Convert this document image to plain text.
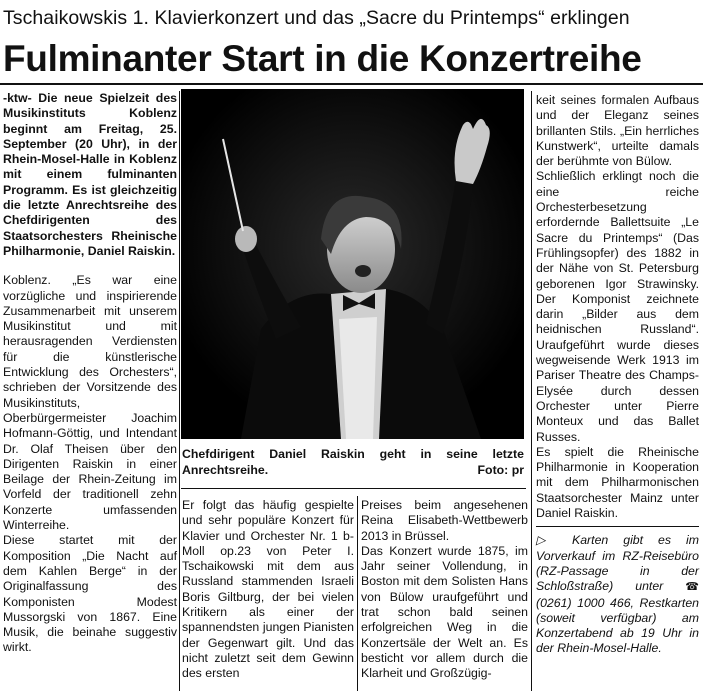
Tschaikowskis 1. Klavierkonzert und das „Sacre du Printemps“ erklingen
Fulminanter Start in die Konzertreihe

-ktw- Die neue Spielzeit des Musikinstituts Koblenz beginnt am Freitag, 25. September (20 Uhr), in der Rhein-Mosel-Halle in Koblenz mit einem fulminanten Programm. Es ist gleichzeitig die letzte Anrechtsreihe des Chefdirigenten des Staatsorchesters Rheinische Philharmonie, Daniel Raiskin.

Koblenz. „Es war eine vorzügliche und inspirierende Zusammenarbeit mit unserem Musikinstitut und mit herausragenden Verdiensten für die künstlerische Entwicklung des Orchesters“, schrieben der Vorsitzende des Musikinstituts, Oberbürgermeister Joachim Hofmann-Göttig, und Intendant Dr. Olaf Theisen über den Dirigenten Raiskin in einer Beilage der Rhein-Zeitung im Vorfeld der traditionell zehn Konzerte umfassenden Winterreihe.

Diese startet mit der Komposition „Die Nacht auf dem Kahlen Berge“ in der Originalfassung des Komponisten Modest Mussorgski von 1867. Eine Musik, die beinahe suggestiv wirkt.

Chefdirigent Daniel Raiskin geht in seine letzte Anrechtsreihe.	Foto: pr

Er folgt das häufig gespielte und sehr populäre Konzert für Klavier und Orchester Nr. 1 b-Moll op.23 von Peter I. Tschaikowski mit dem aus Russland stammenden Israeli Boris Giltburg, der bei vielen Kritikern als einer der spannendsten jungen Pianisten der Gegenwart gilt. Und das nicht zuletzt seit dem Gewinn des ersten

Preises beim angesehenen Reina Elisabeth-Wettbewerb 2013 in Brüssel.

Das Konzert wurde 1875, im Jahr seiner Vollendung, in Boston mit dem Solisten Hans von Bülow uraufgeführt und trat schon bald seinen erfolgreichen Weg in die Konzertsäle der Welt an. Es besticht vor allem durch die Klarheit und Großzügig-

keit seines formalen Aufbaus und der Eleganz seines brillanten Stils. „Ein herrliches Kunstwerk“, urteilte damals der berühmte von Bülow.

Schließlich erklingt noch die eine reiche Orchesterbesetzung erfordernde Ballettsuite „Le Sacre du Printemps“ (Das Frühlingsopfer) des 1882 in der Nähe von St. Petersburg geborenen Igor Strawinsky. Der Komponist zeichnete darin „Bilder aus dem heidnischen Russland“. Uraufgeführt wurde dieses wegweisende Werk 1913 im Pariser Theatre des Champs-Elysée durch dessen Orchester unter Pierre Monteux und das Ballet Russes.

Es spielt die Rheinische Philharmonie in Kooperation mit dem Philharmonischen Staatsorchester Mainz unter Daniel Raiskin.

▷ Karten gibt es im Vorverkauf im RZ-Reisebüro (RZ-Passage in der Schloßstraße) unter ☎ (0261) 1000 466, Restkarten (soweit verfügbar) am Konzertabend ab 19 Uhr in der Rhein-Mosel-Halle.
